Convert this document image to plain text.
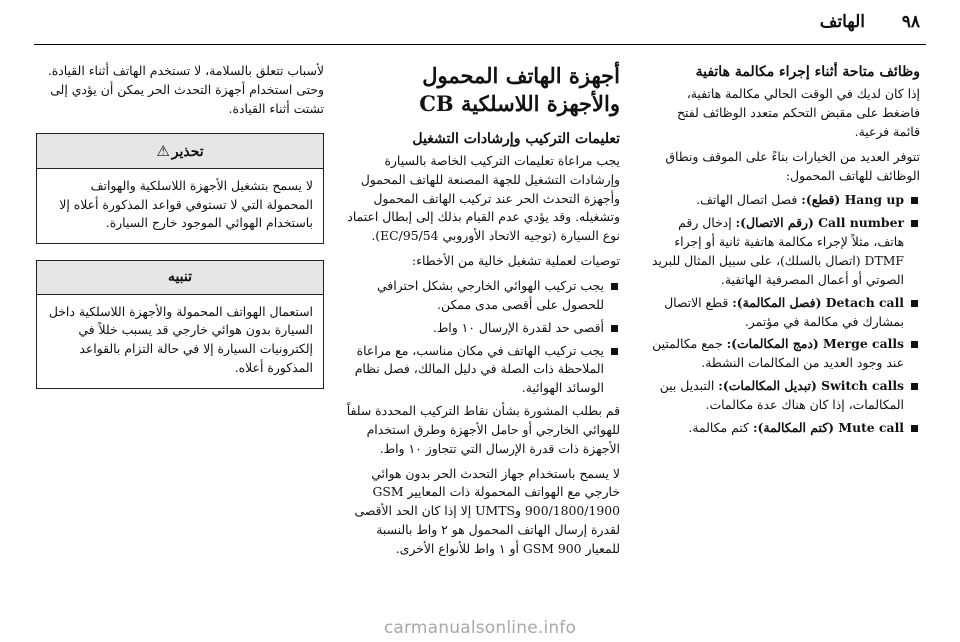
الهاتف ٩٨
وظائف متاحة أثناء إجراء مكالمة هاتفية

إذا كان لديك في الوقت الحالي مكالمة هاتفية، فاضغط على مقبض التحكم متعدد الوظائف لفتح قائمة فرعية.

تتوفر العديد من الخيارات بناءً على الموقف ونطاق الوظائف للهاتف المحمول:

Hang up (قطع): فصل اتصال الهاتف.
Call number (رقم الاتصال): إدخال رقم هاتف، مثلاً لإجراء مكالمة هاتفية ثانية أو إجراء DTMF (اتصال بالسلك)، على سبيل المثال للبريد الصوتي أو أعمال المصرفية الهاتفية.
Detach call (فصل المكالمة): قطع الاتصال بمشارك في مكالمة في مؤتمر.
Merge calls (دمج المكالمات): جمع مكالمتين عند وجود العديد من المكالمات النشطة.
Switch calls (تبديل المكالمات): التبديل بين المكالمات، إذا كان هناك عدة مكالمات.
Mute call (كتم المكالمة): كتم مكالمة.
أجهزة الهاتف المحمول والأجهزة اللاسلكية CB
تعليمات التركيب وإرشادات التشغيل

يجب مراعاة تعليمات التركيب الخاصة بالسيارة وإرشادات التشغيل للجهة المصنعة للهاتف المحمول وأجهزة التحدث الحر عند تركيب الهاتف المحمول وتشغيله. وقد يؤدي عدم القيام بذلك إلى إبطال اعتماد نوع السيارة (توجيه الاتحاد الأوروبي 95/54/EC).

توصيات لعملية تشغيل خالية من الأخطاء:

يجب تركيب الهوائي الخارجي بشكل احترافي للحصول على أقصى مدى ممكن.
أقصى حد لقدرة الإرسال ١٠ واط.
يجب تركيب الهاتف في مكان مناسب، مع مراعاة الملاحظة ذات الصلة في دليل المالك، فصل نظام الوسائد الهوائية.

قم بطلب المشورة بشأن نقاط التركيب المحددة سلفاً للهوائي الخارجي أو حامل الأجهزة وطرق استخدام الأجهزة ذات قدرة الإرسال التي تتجاوز ١٠ واط.

لا يسمح باستخدام جهاز التحدث الحر بدون هوائي خارجي مع الهواتف المحمولة ذات المعايير GSM 900/1800/1900 وUMTS إلا إذا كان الحد الأقصى لقدرة إرسال الهاتف المحمول هو ٢ واط بالنسبة للمعيار GSM 900 أو ١ واط للأنواع الأخرى.

لأسباب تتعلق بالسلامة، لا تستخدم الهاتف أثناء القيادة. وحتى استخدام أجهزة التحدث الحر يمكن أن يؤدي إلى تشتت أثناء القيادة.

تحذير⚠
لا يسمح بتشغيل الأجهزة اللاسلكية والهواتف المحمولة التي لا تستوفي قواعد المذكورة أعلاه إلا باستخدام الهوائي الموجود خارج السيارة.
تنبيه
استعمال الهواتف المحمولة والأجهزة اللاسلكية داخل السيارة بدون هوائي خارجي قد يسبب خللاً في إلكترونيات السيارة إلا في حالة التزام بالقواعد المذكورة أعلاه.
carmanualsonline.info
